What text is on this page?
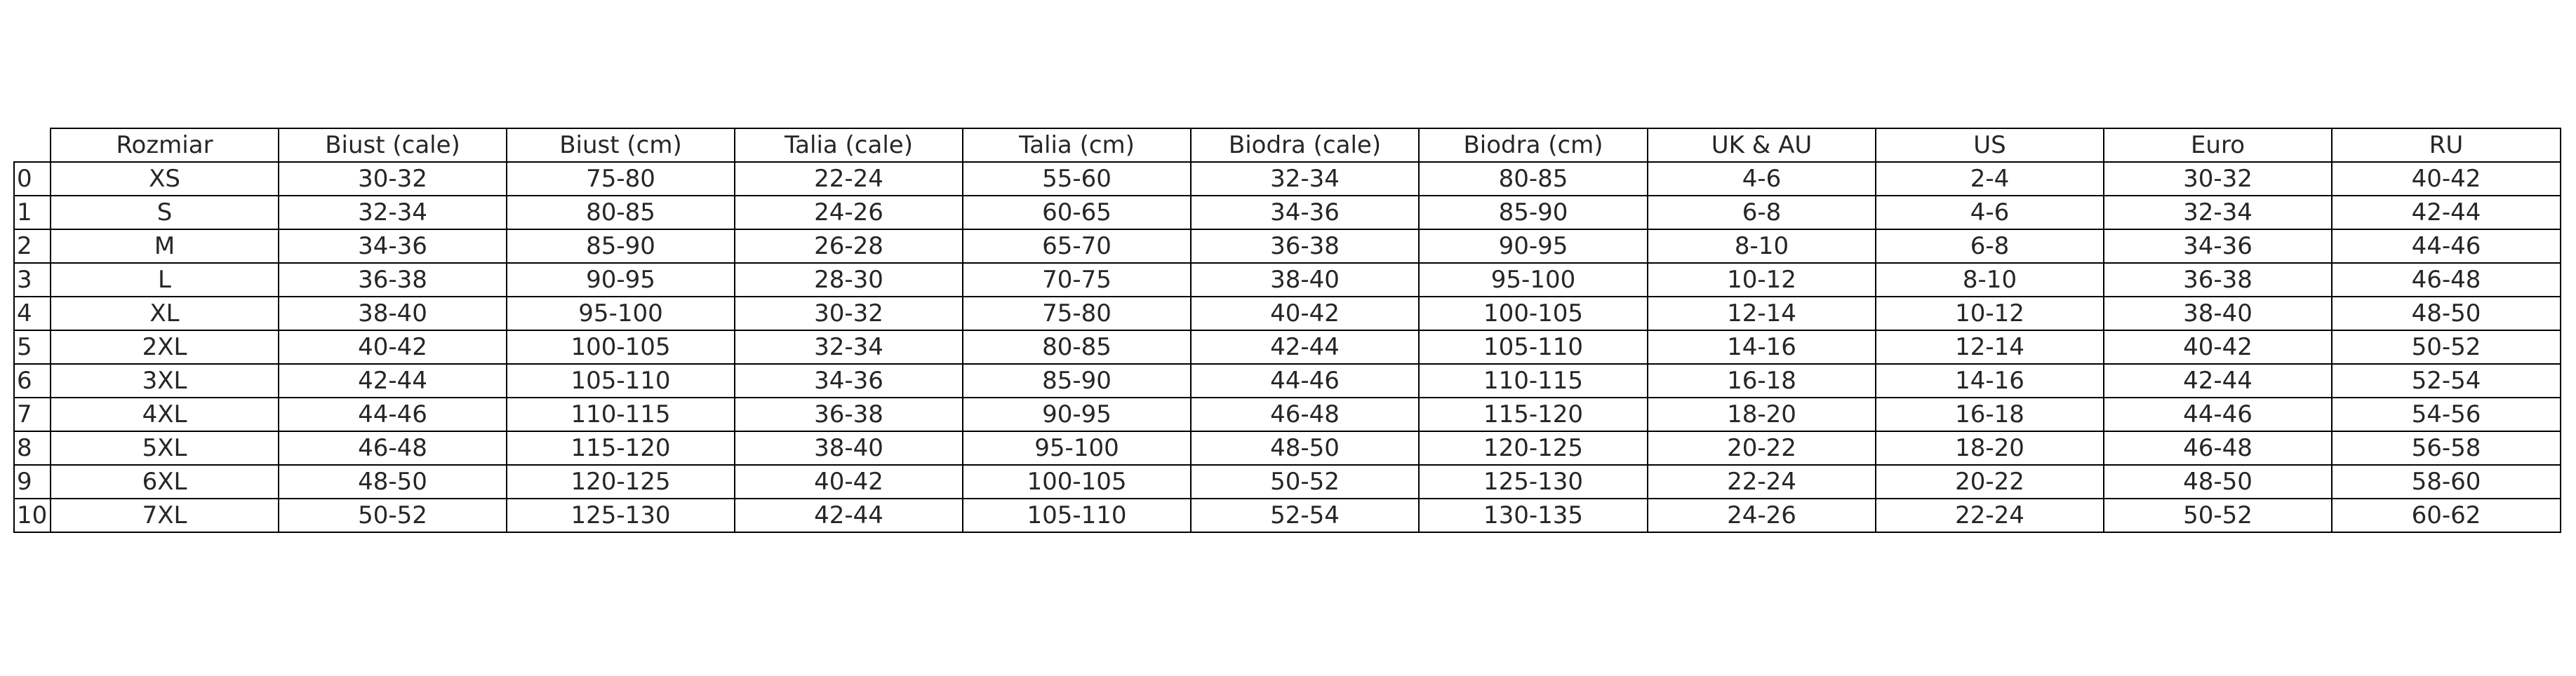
	Rozmiar	Biust (cale)	Biust (cm)	Talia (cale)	Talia (cm)	Biodra (cale)	Biodra (cm)	UK & AU	US	Euro	RU
0	XS	30-32	75-80	22-24	55-60	32-34	80-85	4-6	2-4	30-32	40-42
1	S	32-34	80-85	24-26	60-65	34-36	85-90	6-8	4-6	32-34	42-44
2	M	34-36	85-90	26-28	65-70	36-38	90-95	8-10	6-8	34-36	44-46
3	L	36-38	90-95	28-30	70-75	38-40	95-100	10-12	8-10	36-38	46-48
4	XL	38-40	95-100	30-32	75-80	40-42	100-105	12-14	10-12	38-40	48-50
5	2XL	40-42	100-105	32-34	80-85	42-44	105-110	14-16	12-14	40-42	50-52
6	3XL	42-44	105-110	34-36	85-90	44-46	110-115	16-18	14-16	42-44	52-54
7	4XL	44-46	110-115	36-38	90-95	46-48	115-120	18-20	16-18	44-46	54-56
8	5XL	46-48	115-120	38-40	95-100	48-50	120-125	20-22	18-20	46-48	56-58
9	6XL	48-50	120-125	40-42	100-105	50-52	125-130	22-24	20-22	48-50	58-60
10	7XL	50-52	125-130	42-44	105-110	52-54	130-135	24-26	22-24	50-52	60-62
